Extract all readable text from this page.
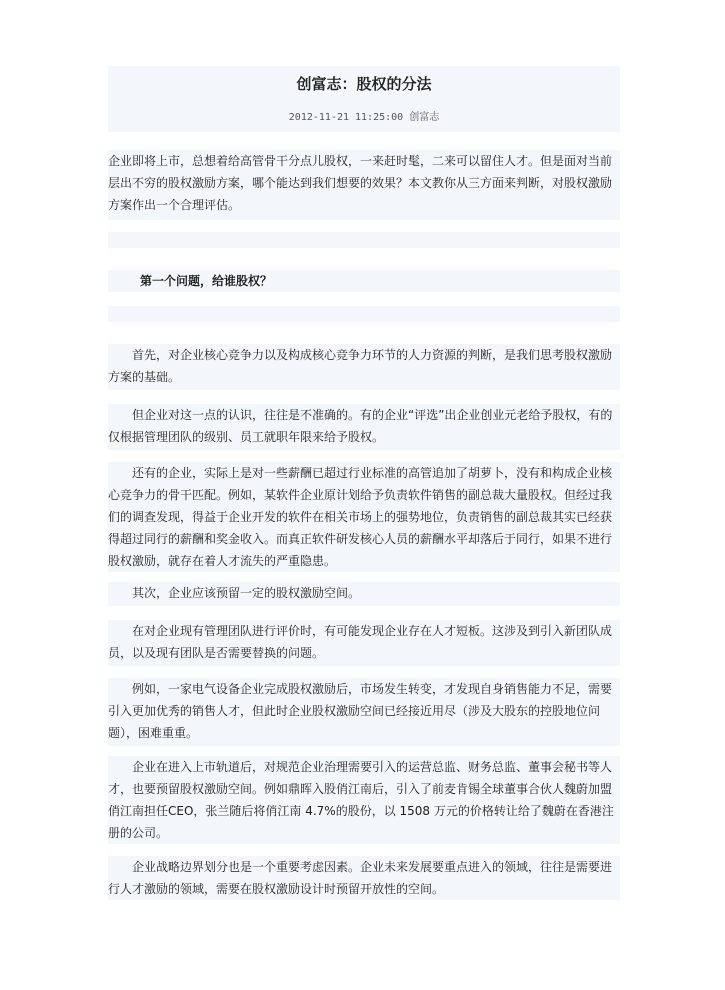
创富志：股权的分法
2012-11-21 11:25:00 创富志
企业即将上市，总想着给高管骨干分点儿股权，一来赶时髦，二来可以留住人才。但是面对当前层出不穷的股权激励方案，哪个能达到我们想要的效果？本文教你从三方面来判断，对股权激励方案作出一个合理评估。
第一个问题，给谁股权？
首先，对企业核心竞争力以及构成核心竞争力环节的人力资源的判断，是我们思考股权激励方案的基础。
但企业对这一点的认识，往往是不准确的。有的企业“评选”出企业创业元老给予股权，有的仅根据管理团队的级别、员工就职年限来给予股权。
还有的企业，实际上是对一些薪酬已超过行业标准的高管追加了胡萝卜，没有和构成企业核心竞争力的骨干匹配。例如，某软件企业原计划给予负责软件销售的副总裁大量股权。但经过我们的调查发现，得益于企业开发的软件在相关市场上的强势地位，负责销售的副总裁其实已经获得超过同行的薪酬和奖金收入。而真正软件研发核心人员的薪酬水平却落后于同行，如果不进行股权激励，就存在着人才流失的严重隐患。
其次，企业应该预留一定的股权激励空间。
在对企业现有管理团队进行评价时，有可能发现企业存在人才短板。这涉及到引入新团队成员，以及现有团队是否需要替换的问题。
例如，一家电气设备企业完成股权激励后，市场发生转变，才发现自身销售能力不足，需要引入更加优秀的销售人才，但此时企业股权激励空间已经接近用尽（涉及大股东的控股地位问题），困难重重。
企业在进入上市轨道后，对规范企业治理需要引入的运营总监、财务总监、董事会秘书等人才，也要预留股权激励空间。例如鼎晖入股俏江南后，引入了前麦肯锡全球董事合伙人魏蔚加盟俏江南担任CEO，张兰随后将俏江南 4.7%的股份，以 1508 万元的价格转让给了魏蔚在香港注册的公司。
企业战略边界划分也是一个重要考虑因素。企业未来发展要重点进入的领域，往往是需要进行人才激励的领域，需要在股权激励设计时预留开放性的空间。
